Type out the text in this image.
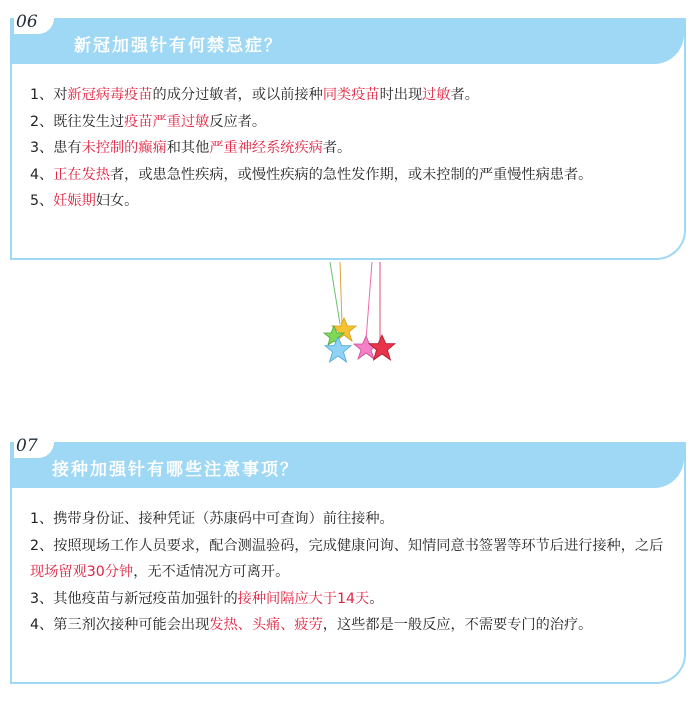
06
新冠加强针有何禁忌症？

1、对新冠病毒疫苗的成分过敏者，或以前接种同类疫苗时出现过敏者。

2、既往发生过疫苗严重过敏反应者。

3、患有未控制的癫痫和其他严重神经系统疾病者。

4、正在发热者，或患急性疾病，或慢性疾病的急性发作期，或未控制的严重慢性病患者。

5、妊娠期妇女。

07
接种加强针有哪些注意事项？

1、携带身份证、接种凭证（苏康码中可查询）前往接种。

2、按照现场工作人员要求，配合测温验码，完成健康问询、知情同意书签署等环节后进行接种，之后现场留观30分钟，无不适情况方可离开。

3、其他疫苗与新冠疫苗加强针的接种间隔应大于14天。

4、第三剂次接种可能会出现发热、头痛、疲劳，这些都是一般反应，不需要专门的治疗。
